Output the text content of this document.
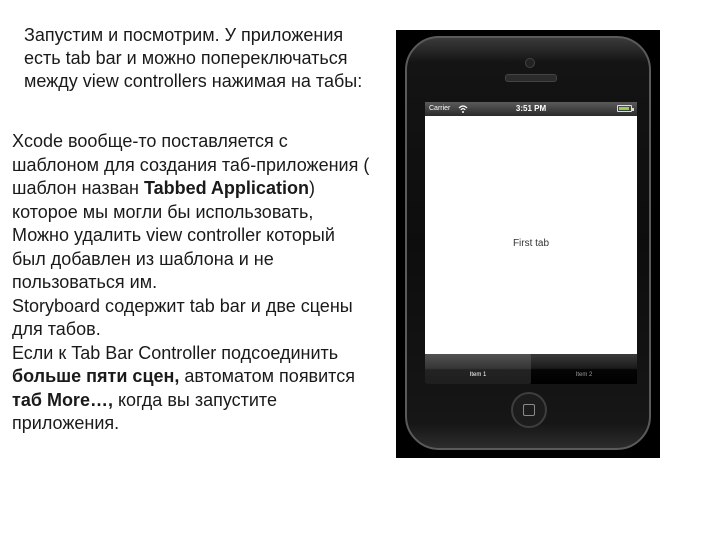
Запустим и посмотрим. У приложения есть tab bar и можно попереключаться между view controllers нажимая на табы:

Xcode вообще-то поставляется с шаблоном для создания таб-приложения ( шаблон назван Tabbed Application) которое мы могли бы использовать, Можно удалить view controller который был добавлен из шаблона и не пользоваться им.

Storyboard содержит tab bar и две сцены для табов.

Если к Tab Bar Controller подсоединить больше пяти сцен, автоматом появится таб More…, когда вы запустите приложения.

Carrier	3:51 PM
First tab
Item 1	Item 2
